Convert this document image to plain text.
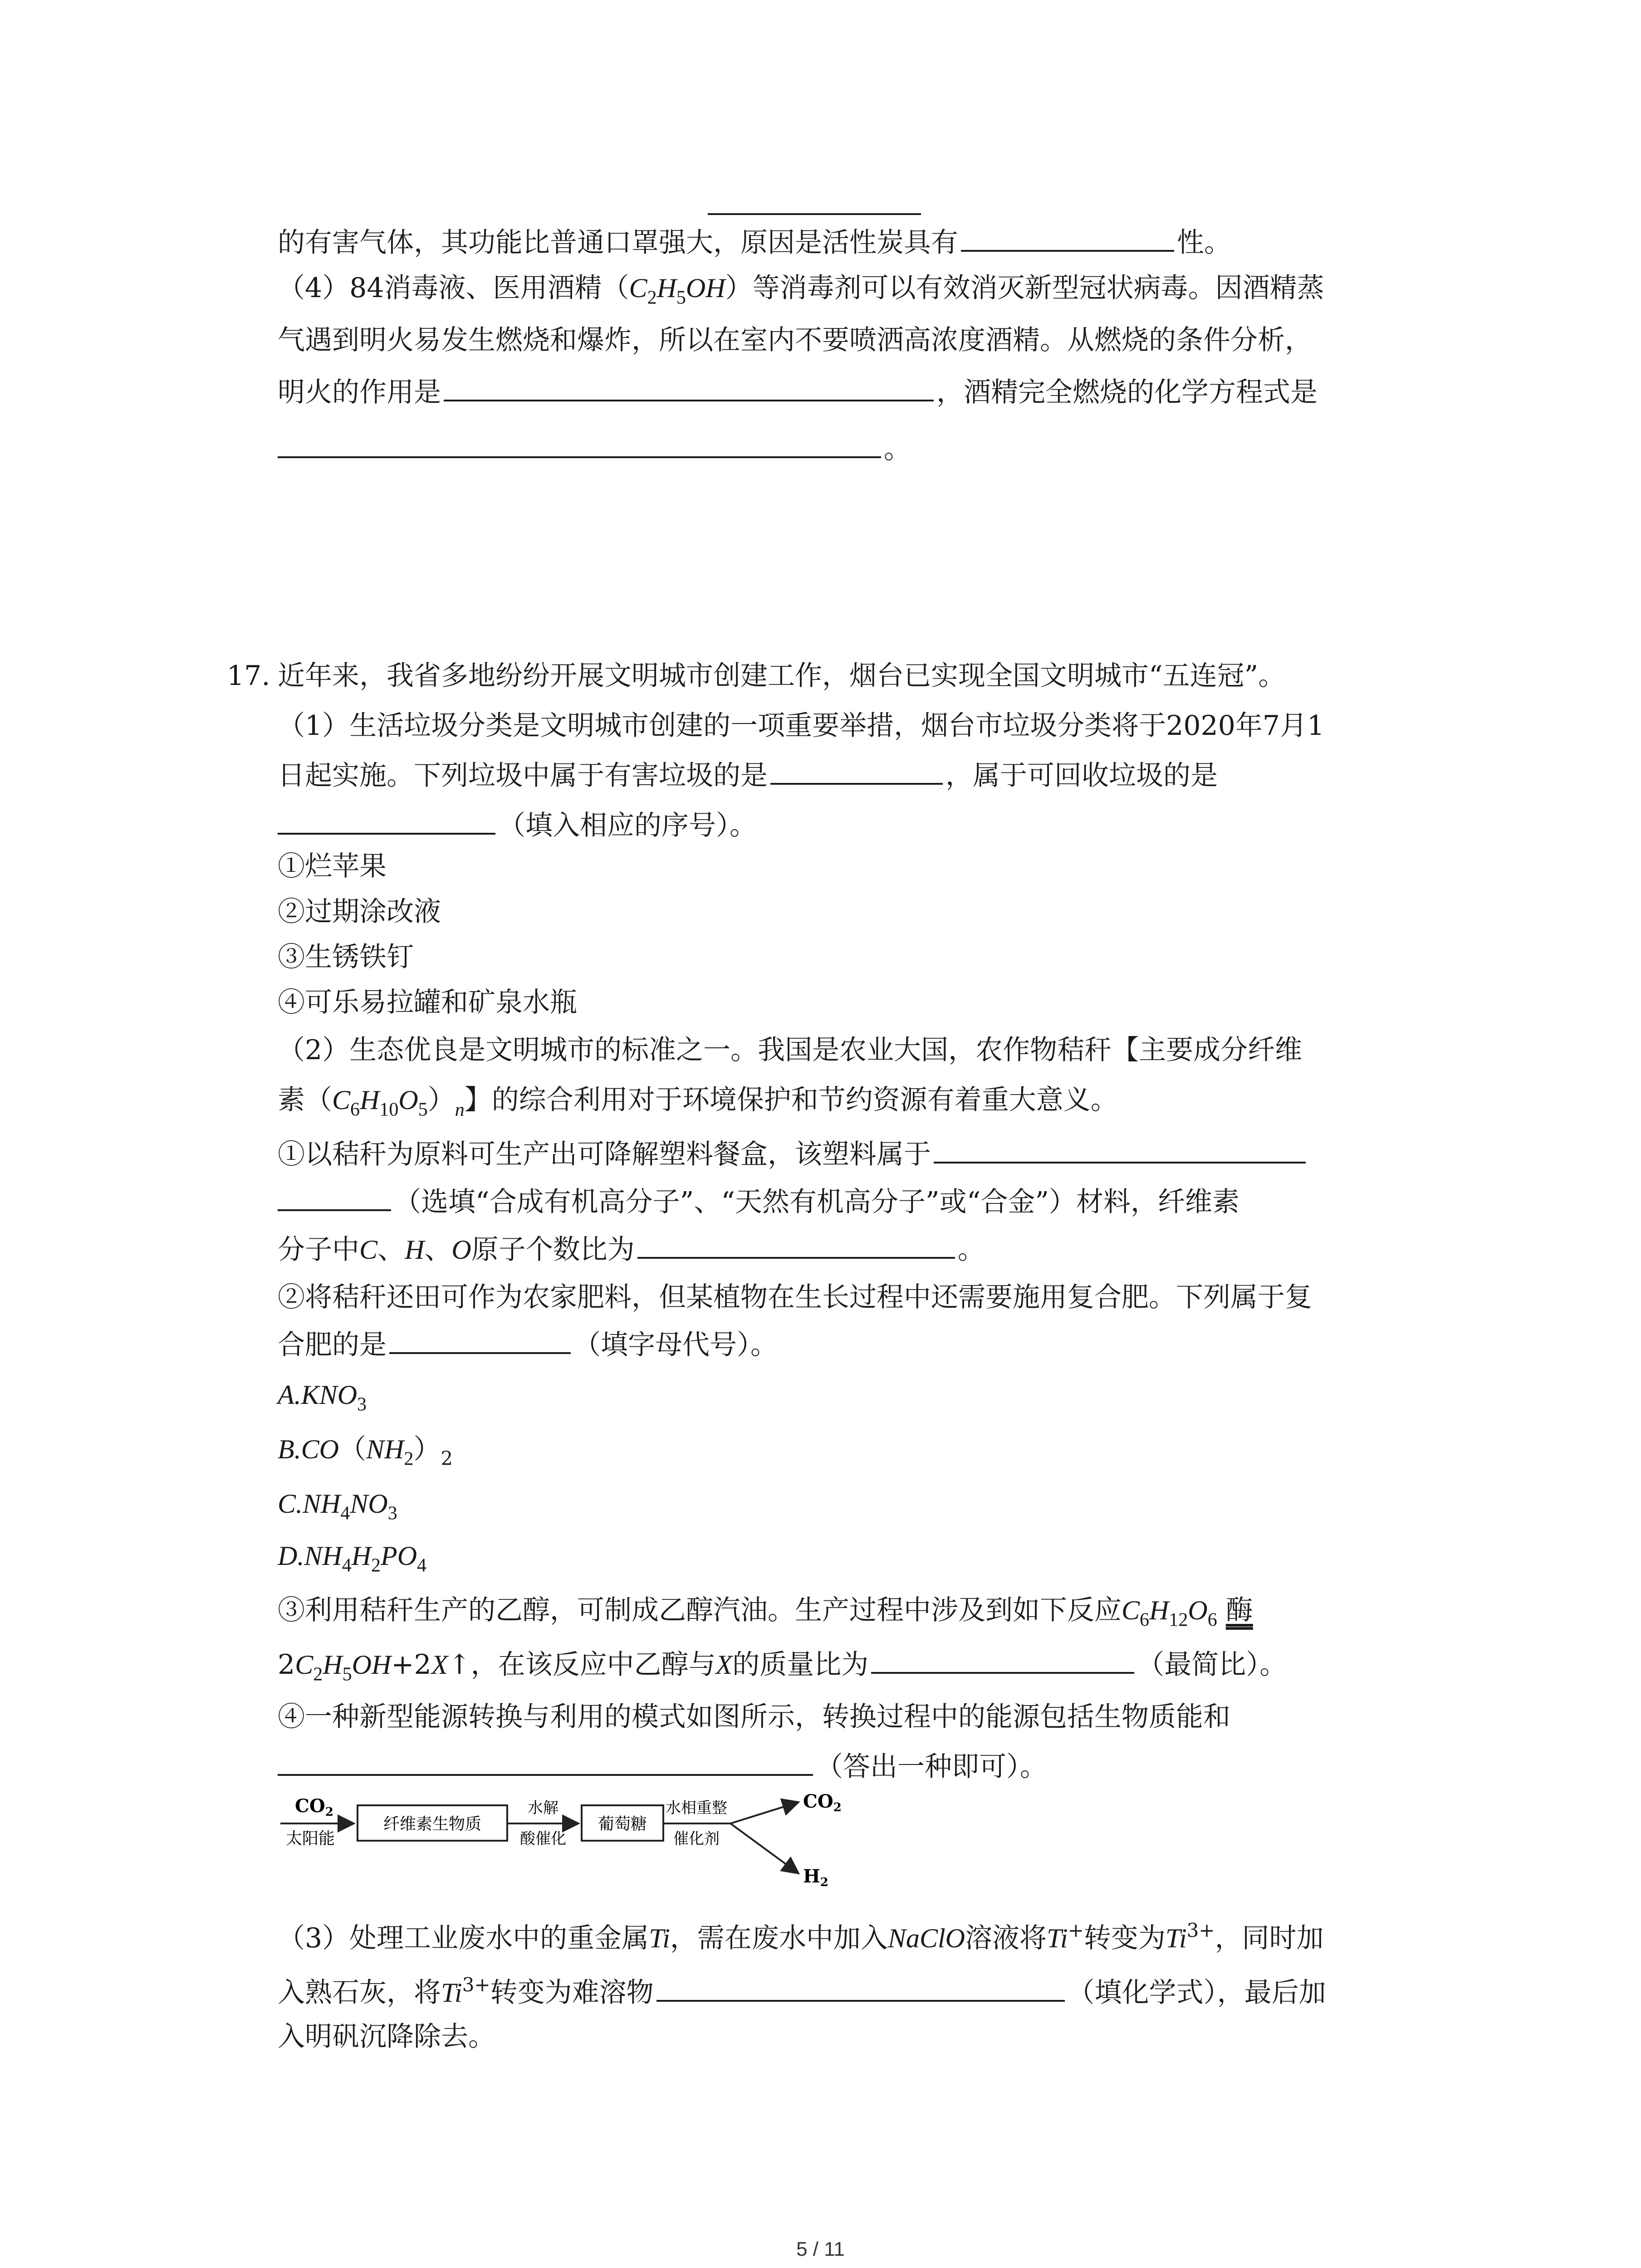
的有害气体，其功能比普通口罩强大，原因是活性炭具有	性。
（4）84消毒液、医用酒精$(C_2H_5OH)$等消毒剂可以有效消灭新型冠状病毒。因酒精蒸
气遇到明火易发生燃烧和爆炸，所以在室内不要喷洒高浓度酒精。从燃烧的条件分析，
明火的作用是	，酒精完全燃烧的化学方程式是
。
17. 近年来，我省多地纷纷开展文明城市创建工作，烟台已实现全国文明城市“五连冠”。
（1）生活垃圾分类是文明城市创建的一项重要举措，烟台市垃圾分类将于2020年7月1
日起实施。下列垃圾中属于有害垃圾的是	，属于可回收垃圾的是
（填入相应的序号）。
①烂苹果
②过期涂改液
③生锈铁钉
④可乐易拉罐和矿泉水瓶
（2）生态优良是文明城市的标准之一。我国是农业大国，农作物秸秆【主要成分纤维
素$(C_6H_{10}O_5)_n$】的综合利用对于环境保护和节约资源有着重大意义。
①以秸秆为原料可生产出可降解塑料餐盒，该塑料属于
（选填“合成有机高分子”、“天然有机高分子”或“合金”）材料，纤维素
分子中C、H、O原子个数比为	。
②将秸秆还田可作为农家肥料，但某植物在生长过程中还需要施用复合肥。下列属于复
合肥的是	（填字母代号）。
$A.KNO_3$
$B.CO(NH_2)_2$
$C.NH_4NO_3$
$D.NH_4H_2PO_4$
③利用秸秆生产的乙醇，可制成乙醇汽油。生产过程中涉及到如下反应$C_6H_{12}O_6$ 酶
$2C_2H_5OH+2X↑$，在该反应中乙醇与X的质量比为	（最简比）。
④一种新型能源转换与利用的模式如图所示，转换过程中的能源包括生物质能和
（答出一种即可）。
$CO_2$
太阳能
纤维素生物质
水解
酸催化
葡萄糖
水相重整
催化剂
$CO_2$
$H_2$
（3）处理工业废水中的重金属Ti，需在废水中加入NaClO溶液将Ti+转变为$Ti^{3+}$，同时加
入熟石灰，将$Ti^{3+}$转变为难溶物	（填化学式），最后加
入明矾沉降除去。
5 / 11
